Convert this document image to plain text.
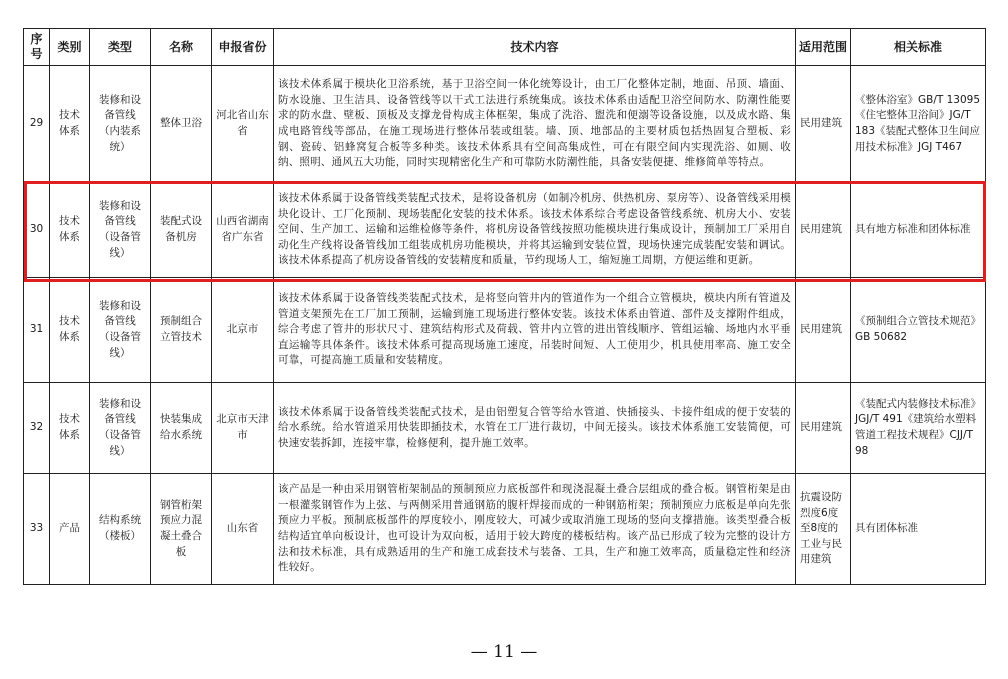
序号	类别	类型	名称	申报省份	技术内容	适用范围	相关标准
29	技术体系	装修和设备管线（内装系统）	整体卫浴	河北省山东省	该技术体系属于模块化卫浴系统，基于卫浴空间一体化统筹设计，由工厂化整体定制，地面、吊顶、墙面、防水设施、卫生洁具、设备管线等以干式工法进行系统集成。该技术体系由适配卫浴空间防水、防潮性能要求的防水盘、壁板、顶板及支撑龙骨构成主体框架，集成了洗浴、盥洗和便溺等设备设施，以及成水路、集成电路管线等部品，在施工现场进行整体吊装或组装。墙、顶、地部品的主要材质包括热固复合塑板、彩钢、瓷砖、铝蜂窝复合板等多种类。该技术体系具有空间高集成性，可在有限空间内实现洗浴、如厕、收纳、照明、通风五大功能，同时实现精密化生产和可靠防水防潮性能，具备安装便捷、维修简单等特点。	民用建筑	《整体浴室》GB/T 13095《住宅整体卫浴间》JG/T 183《装配式整体卫生间应用技术标准》JGJ T467
30	技术体系	装修和设备管线（设备管线）	装配式设备机房	山西省湖南省广东省	该技术体系属于设备管线类装配式技术，是将设备机房（如制冷机房、供热机房、泵房等）、设备管线采用模块化设计、工厂化预制、现场装配化安装的技术体系。该技术体系综合考虑设备管线系统、机房大小、安装空间、生产加工、运输和运维检修等条件，将机房设备管线按照功能模块进行集成设计，预制加工厂采用自动化生产线将设备管线加工组装成机房功能模块，并将其运输到安装位置，现场快速完成装配安装和调试。该技术体系提高了机房设备管线的安装精度和质量，节约现场人工，缩短施工周期，方便运维和更新。	民用建筑	具有地方标准和团体标准
31	技术体系	装修和设备管线（设备管线）	预制组合立管技术	北京市	该技术体系属于设备管线类装配式技术，是将竖向管井内的管道作为一个组合立管模块，模块内所有管道及管道支架预先在工厂加工预制，运输到施工现场进行整体安装。该技术体系由管道、部件及支撑附件组成，综合考虑了管井的形状尺寸、建筑结构形式及荷载、管井内立管的进出管线顺序、管组运输、场地内水平垂直运输等具体条件。该技术体系可提高现场施工速度，吊装时间短、人工使用少，机具使用率高、施工安全可靠，可提高施工质量和安装精度。	民用建筑	《预制组合立管技术规范》GB 50682
32	技术体系	装修和设备管线（设备管线）	快装集成给水系统	北京市天津市	该技术体系属于设备管线类装配式技术，是由铝塑复合管等给水管道、快插接头、卡接件组成的便于安装的给水系统。给水管道采用快装即插技术，水管在工厂进行裁切，中间无接头。该技术体系施工安装简便，可快速安装拆卸，连接牢靠，检修便利，提升施工效率。	民用建筑	《装配式内装修技术标准》JGJ/T 491《建筑给水塑料管道工程技术规程》CJJ/T 98
33	产品	结构系统（楼板）	钢管桁架预应力混凝土叠合板	山东省	该产品是一种由采用钢管桁架制品的预制预应力底板部件和现浇混凝土叠合层组成的叠合板。钢管桁架是由一根灌浆钢管作为上弦、与两侧采用普通钢筋的腹杆焊接而成的一种钢筋桁架；预制预应力底板是单向先张预应力平板。预制底板部件的厚度较小，刚度较大，可减少或取消施工现场的竖向支撑措施。该类型叠合板结构适宜单向板设计，也可设计为双向板，适用于较大跨度的楼板结构。该产品已形成了较为完整的设计方法和技术标准，具有成熟适用的生产和施工成套技术与装备、工具，生产和施工效率高，质量稳定性和经济性较好。	抗震设防烈度6度至8度的工业与民用建筑	具有团体标准
— 11 —
